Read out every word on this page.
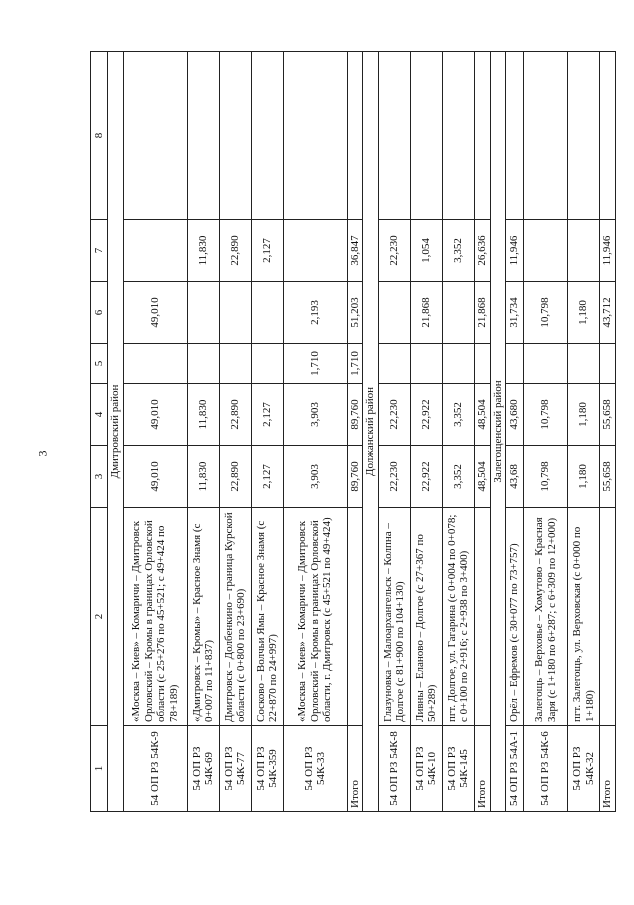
3
1	2	3	4	5	6	7	8
Дмитровский район							
54 ОП РЗ 54К-9	«Москва – Киев» – Комаричи – Дмитровск Орловский – Кромы в границах Орловской области (с 25+276 по 45+521; с 49+424 по 78+189)	49,010	49,010		49,010		
54 ОП РЗ 54К-69	«Дмитровск – Кромы» – Красное Знамя (с 0+007 по 11+837)	11,830	11,830			11,830	
54 ОП РЗ 54К-77	Дмитровск – Долбенкино – граница Курской области (с 0+800 по 23+690)	22,890	22,890			22,890	
54 ОП РЗ 54К-359	Сосково – Волчьи Ямы – Красное Знамя (с 22+870 по 24+997)	2,127	2,127			2,127	
54 ОП РЗ 54К-33	«Москва – Киев» – Комаричи – Дмитровск Орловский – Кромы в границах Орловской области, г. Дмитровск (с 45+521 по 49+424)	3,903	3,903	1,710	2,193		
Итого		89,760	89,760	1,710	51,203	36,847	
Должанский район							
54 ОП РЗ 54К-8	Глазуновка – Малоархангельск – Колпна – Долгое (с 81+900 по 104+130)	22,230	22,230			22,230	
54 ОП РЗ 54К-10	Ливны – Еланово – Долгое (с 27+367 по 50+289)	22,922	22,922		21,868	1,054	
54 ОП РЗ 54К-145	пгт. Долгое, ул. Гагарина (с 0+004 по 0+078; с 0+100 по 2+916; с 2+938 по 3+400)	3,352	3,352			3,352	
Итого		48,504	48,504		21,868	26,636	
Залегощенский район							
54 ОП РЗ 54А-1	Орёл – Ефремов (с 30+077 по 73+757)	43,68	43,680		31,734	11,946	
54 ОП РЗ 54К-6	Залегощь – Верховье – Хомутово – Красная Заря (с 1+180 по 6+287; с 6+309 по 12+000)	10,798	10,798		10,798		
54 ОП РЗ 54К-32	пгт. Залегощь, ул. Верховская (с 0+000 по 1+180)	1,180	1,180		1,180		
Итого		55,658	55,658		43,712	11,946	
